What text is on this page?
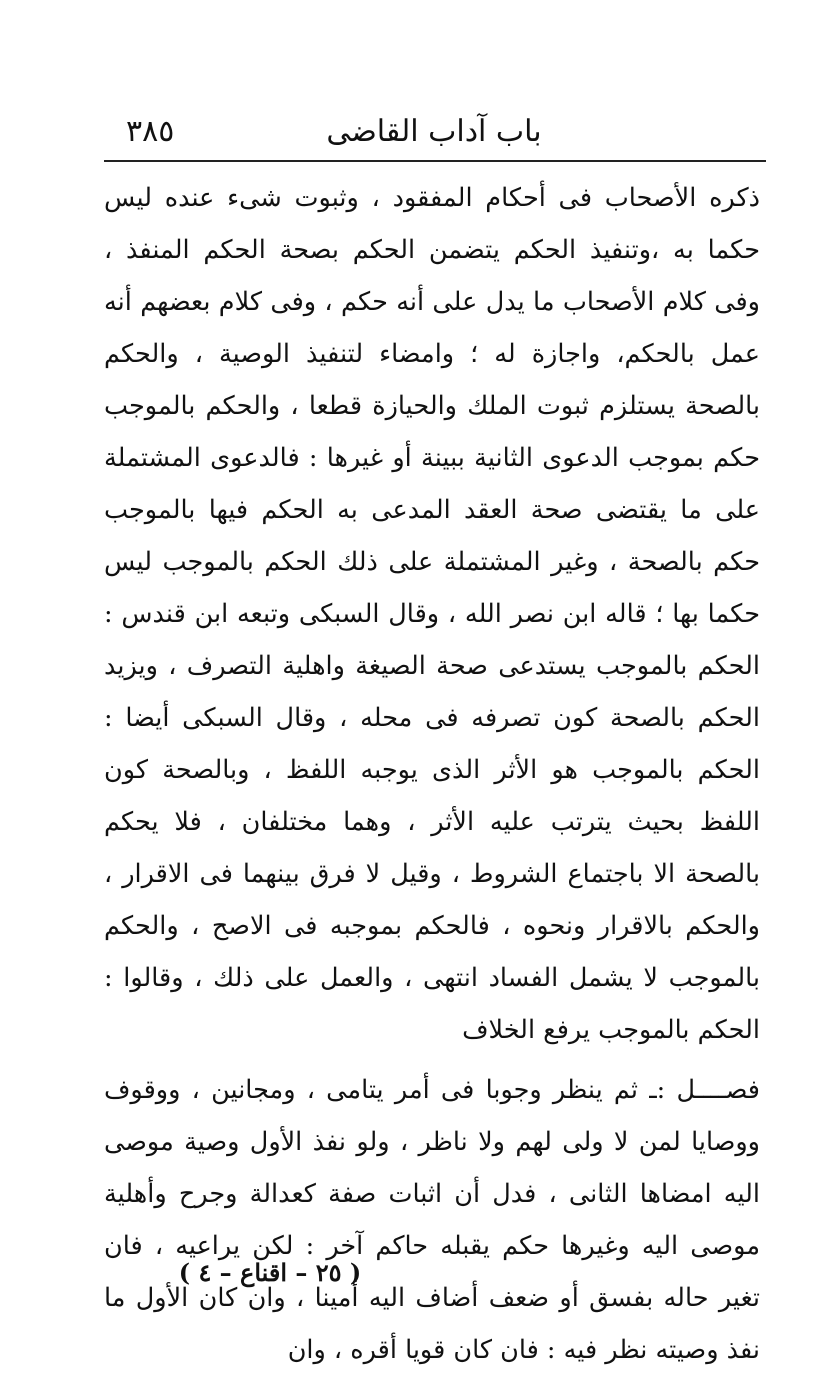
٣٨٥	باب آداب القاضى

ذكره الأصحاب فى أحكام المفقود ، وثبوت شىء عنده ليس حكما به ،وتنفيذ الحكم يتضمن الحكم بصحة الحكم المنفذ ، وفى كلام الأصحاب ما يدل على أنه حكم ، وفى كلام بعضهم أنه عمل بالحكم، واجازة له ؛ وامضاء لتنفيذ الوصية ، والحكم بالصحة يستلزم ثبوت الملك والحيازة قطعا ، والحكم بالموجب حكم بموجب الدعوى الثانية ببينة أو غيرها : فالدعوى المشتملة على ما يقتضى صحة العقد المدعى به الحكم فيها بالموجب حكم بالصحة ، وغير المشتملة على ذلك الحكم بالموجب ليس حكما بها ؛ قاله ابن نصر الله ، وقال السبكى وتبعه ابن قندس : الحكم بالموجب يستدعى صحة الصيغة واهلية التصرف ، ويزيد الحكم بالصحة كون تصرفه فى محله ، وقال السبكى أيضا : الحكم بالموجب هو الأثر الذى يوجبه اللفظ ، وبالصحة كون اللفظ بحيث يترتب عليه الأثر ، وهما مختلفان ، فلا يحكم بالصحة الا باجتماع الشروط ، وقيل لا فرق بينهما فى الاقرار ، والحكم بالاقرار ونحوه ، فالحكم بموجبه فى الاصح ، والحكم بالموجب لا يشمل الفساد انتهى ، والعمل على ذلك ، وقالوا : الحكم بالموجب يرفع الخلاف

فصــــل :ـ ثم ينظر وجوبا فى أمر يتامى ، ومجانين ، ووقوف ووصايا لمن لا ولى لهم ولا ناظر ، ولو نفذ الأول وصية موصى اليه امضاها الثانى ، فدل أن اثبات صفة كعدالة وجرح وأهلية موصى اليه وغيرها حكم يقبله حاكم آخر : لكن يراعيه ، فان تغير حاله بفسق أو ضعف أضاف اليه أمينا ، وان كان الأول ما نفذ وصيته نظر فيه : فان كان قويا أقره ، وان

( ٢٥ – اقناع – ٤ )
